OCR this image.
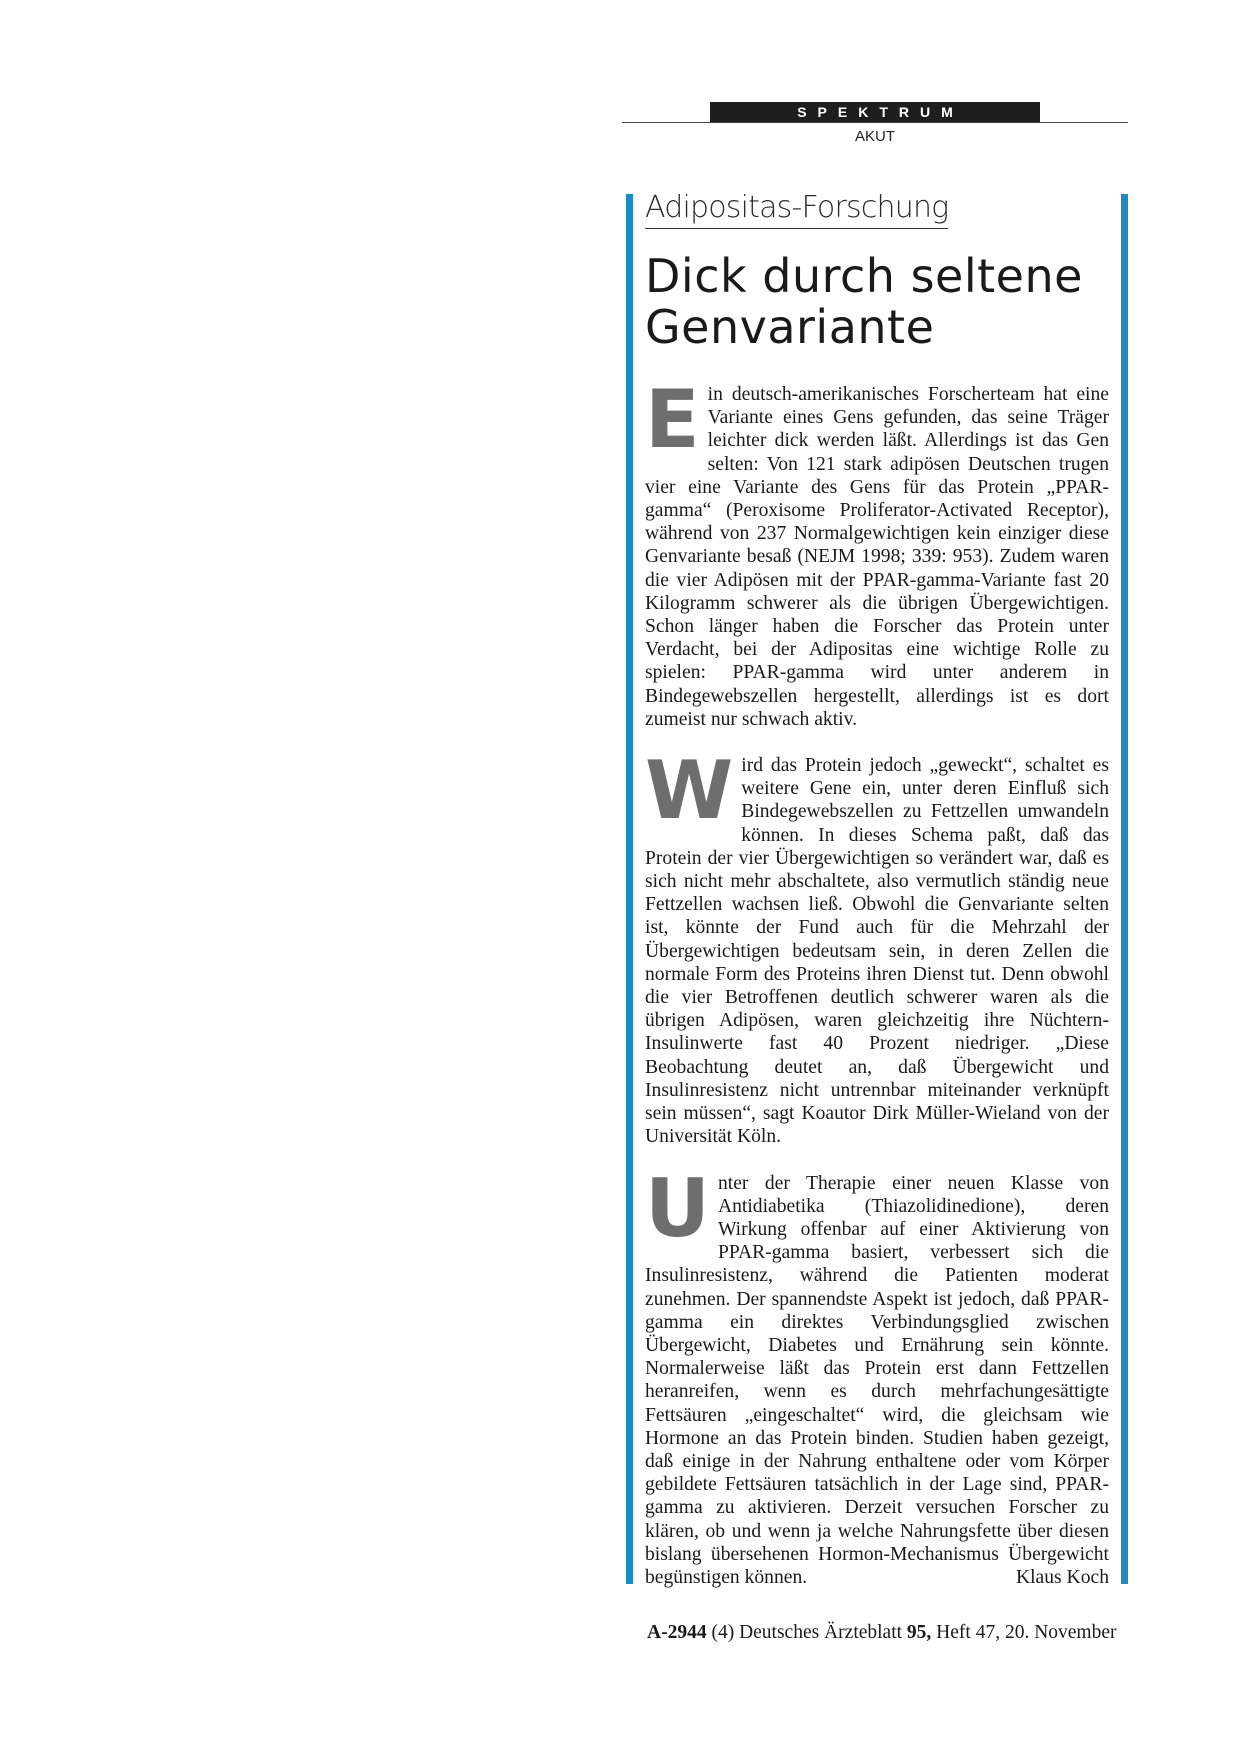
SPEKTRUM
AKUT
Adipositas-Forschung
Dick durch seltene Genvariante

Ein deutsch-amerikanisches Forscherteam hat eine Variante eines Gens gefunden, das seine Träger leichter dick werden läßt. Allerdings ist das Gen selten: Von 121 stark adipösen Deutschen trugen vier eine Variante des Gens für das Protein „PPAR-gamma“ (Peroxisome Proliferator-Activated Receptor), während von 237 Normalgewichtigen kein einziger diese Genvariante besaß (NEJM 1998; 339: 953). Zudem waren die vier Adipösen mit der PPAR-gamma-Variante fast 20 Kilogramm schwerer als die übrigen Übergewichtigen. Schon länger haben die Forscher das Protein unter Verdacht, bei der Adipositas eine wichtige Rolle zu spielen: PPAR-gamma wird unter anderem in Bindegewebszellen hergestellt, allerdings ist es dort zumeist nur schwach aktiv.

Wird das Protein jedoch „geweckt“, schaltet es weitere Gene ein, unter deren Einfluß sich Bindegewebszellen zu Fettzellen umwandeln können. In dieses Schema paßt, daß das Protein der vier Übergewichtigen so verändert war, daß es sich nicht mehr abschaltete, also vermutlich ständig neue Fettzellen wachsen ließ. Obwohl die Genvariante selten ist, könnte der Fund auch für die Mehrzahl der Übergewichtigen bedeutsam sein, in deren Zellen die normale Form des Proteins ihren Dienst tut. Denn obwohl die vier Betroffenen deutlich schwerer waren als die übrigen Adipösen, waren gleichzeitig ihre Nüchtern-Insulinwerte fast 40 Prozent niedriger. „Diese Beobachtung deutet an, daß Übergewicht und Insulinresistenz nicht untrennbar miteinander verknüpft sein müssen“, sagt Koautor Dirk Müller-Wieland von der Universität Köln.

Unter der Therapie einer neuen Klasse von Antidiabetika (Thiazolidinedione), deren Wirkung offenbar auf einer Aktivierung von PPAR-gamma basiert, verbessert sich die Insulinresistenz, während die Patienten moderat zunehmen. Der spannendste Aspekt ist jedoch, daß PPAR-gamma ein direktes Verbindungsglied zwischen Übergewicht, Diabetes und Ernährung sein könnte. Normalerweise läßt das Protein erst dann Fettzellen heranreifen, wenn es durch mehrfachungesättigte Fettsäuren „eingeschaltet“ wird, die gleichsam wie Hormone an das Protein binden. Studien haben gezeigt, daß einige in der Nahrung enthaltene oder vom Körper gebildete Fettsäuren tatsächlich in der Lage sind, PPAR-gamma zu aktivieren. Derzeit versuchen Forscher zu klären, ob und wenn ja welche Nahrungsfette über diesen bislang übersehenen Hormon-Mechanismus Übergewicht begünstigen können.	Klaus Koch

A-2944 (4) Deutsches Ärzteblatt 95, Heft 47, 20. November
